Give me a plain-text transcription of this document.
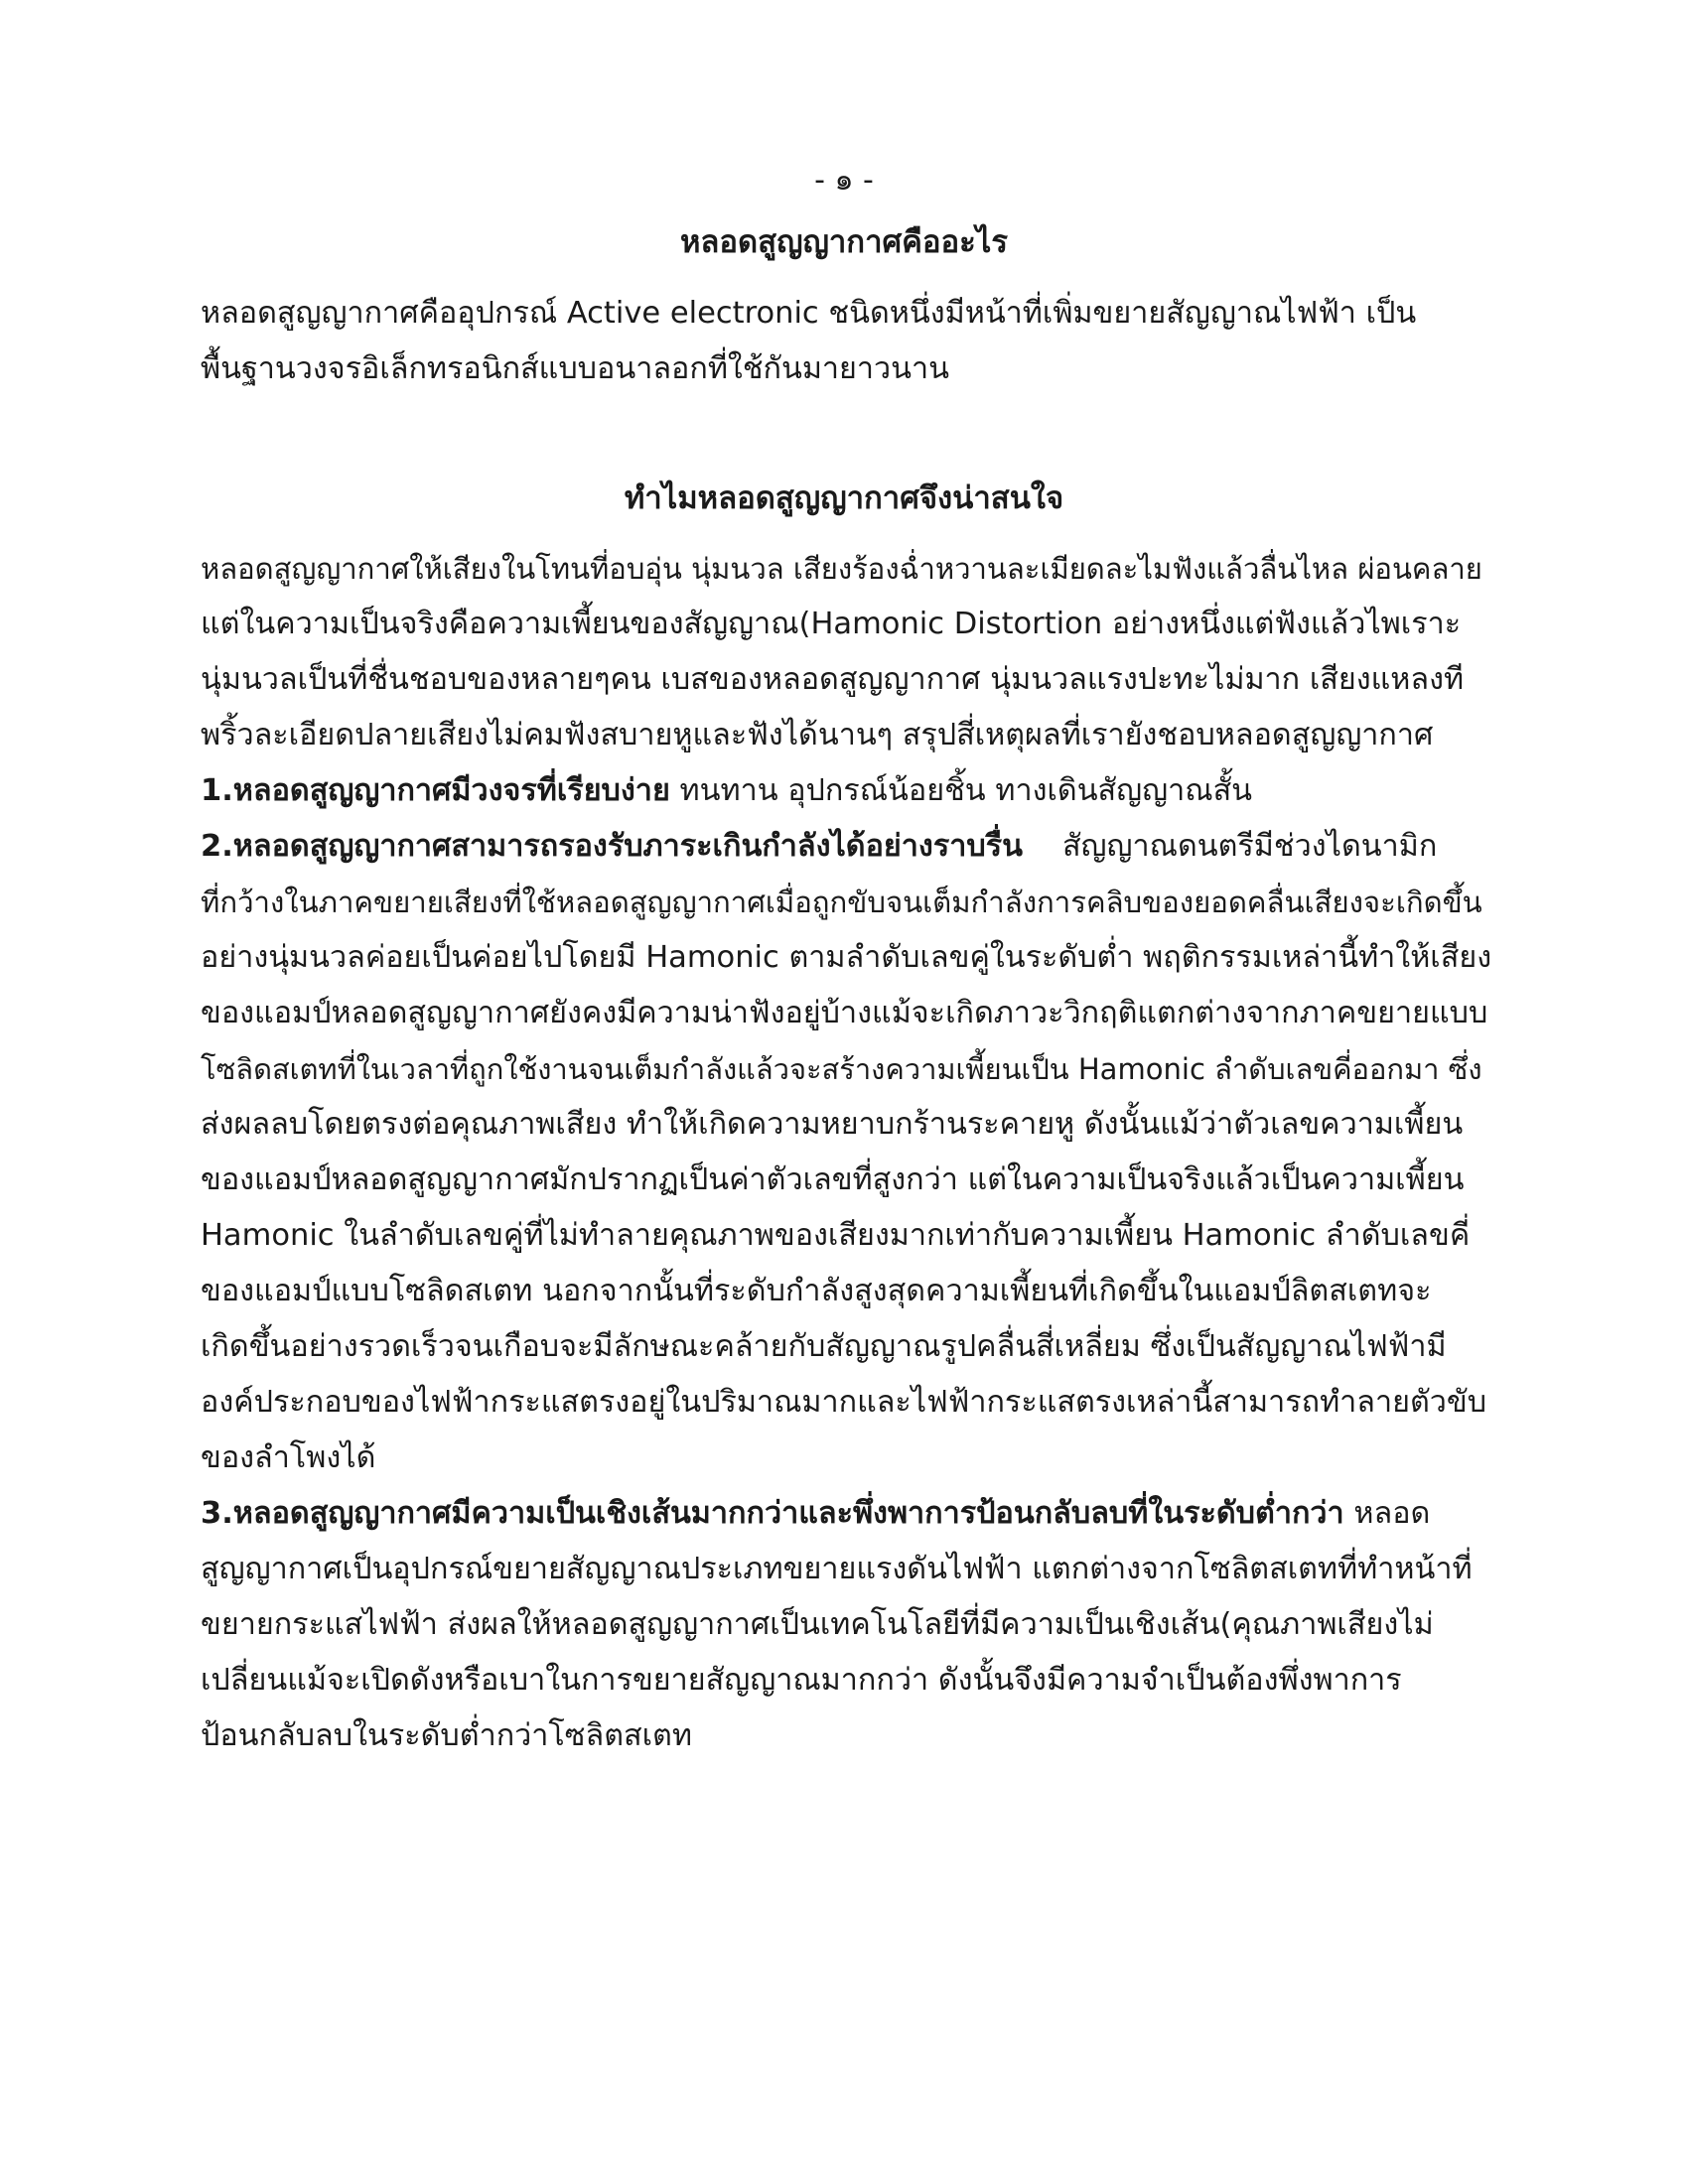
- ๑ -
หลอดสูญญากาศคืออะไร
หลอดสูญญากาศคืออุปกรณ์ Active electronic ชนิดหนึ่งมีหน้าที่เพิ่มขยายสัญญาณไฟฟ้า เป็น
พื้นฐานวงจรอิเล็กทรอนิกส์แบบอนาลอกที่ใช้กันมายาวนาน
ทำไมหลอดสูญญากาศจึงน่าสนใจ
หลอดสูญญากาศให้เสียงในโทนที่อบอุ่น นุ่มนวล เสียงร้องฉ่ำหวานละเมียดละไมฟังแล้วลื่นไหล ผ่อนคลาย
แต่ในความเป็นจริงคือความเพี้ยนของสัญญาณ(Hamonic Distortion อย่างหนึ่งแต่ฟังแล้วไพเราะ
นุ่มนวลเป็นที่ชื่นชอบของหลายๆคน เบสของหลอดสูญญากาศ นุ่มนวลแรงปะทะไม่มาก เสียงแหลงที
พริ้วละเอียดปลายเสียงไม่คมฟังสบายหูและฟังได้นานๆ สรุปสี่เหตุผลที่เรายังชอบหลอดสูญญากาศ
1.หลอดสูญญากาศมีวงจรที่เรียบง่าย ทนทาน อุปกรณ์น้อยชิ้น ทางเดินสัญญาณสั้น
2.หลอดสูญญากาศสามารถรองรับภาระเกินกำลังได้อย่างราบรื่น สัญญาณดนตรีมีช่วงไดนามิก
ที่กว้างในภาคขยายเสียงที่ใช้หลอดสูญญากาศเมื่อถูกขับจนเต็มกำลังการคลิบของยอดคลื่นเสียงจะเกิดขึ้น
อย่างนุ่มนวลค่อยเป็นค่อยไปโดยมี Hamonic ตามลำดับเลขคู่ในระดับต่ำ พฤติกรรมเหล่านี้ทำให้เสียง
ของแอมป์หลอดสูญญากาศยังคงมีความน่าฟังอยู่บ้างแม้จะเกิดภาวะวิกฤติแตกต่างจากภาคขยายแบบ
โซลิดสเตทที่ในเวลาที่ถูกใช้งานจนเต็มกำลังแล้วจะสร้างความเพี้ยนเป็น Hamonic ลำดับเลขคี่ออกมา ซึ่ง
ส่งผลลบโดยตรงต่อคุณภาพเสียง ทำให้เกิดความหยาบกร้านระคายหู ดังนั้นแม้ว่าตัวเลขความเพี้ยน
ของแอมป์หลอดสูญญากาศมักปรากฏเป็นค่าตัวเลขที่สูงกว่า แต่ในความเป็นจริงแล้วเป็นความเพี้ยน
Hamonic ในลำดับเลขคู่ที่ไม่ทำลายคุณภาพของเสียงมากเท่ากับความเพี้ยน Hamonic ลำดับเลขคี่
ของแอมป์แบบโซลิดสเตท นอกจากนั้นที่ระดับกำลังสูงสุดความเพี้ยนที่เกิดขึ้นในแอมป์ลิตสเตทจะ
เกิดขึ้นอย่างรวดเร็วจนเกือบจะมีลักษณะคล้ายกับสัญญาณรูปคลื่นสี่เหลี่ยม ซึ่งเป็นสัญญาณไฟฟ้ามี
องค์ประกอบของไฟฟ้ากระแสตรงอยู่ในปริมาณมากและไฟฟ้ากระแสตรงเหล่านี้สามารถทำลายตัวขับ
ของลำโพงได้
3.หลอดสูญญากาศมีความเป็นเชิงเส้นมากกว่าและพึ่งพาการป้อนกลับลบที่ในระดับต่ำกว่า หลอด
สูญญากาศเป็นอุปกรณ์ขยายสัญญาณประเภทขยายแรงดันไฟฟ้า แตกต่างจากโซลิตสเตทที่ทำหน้าที่
ขยายกระแสไฟฟ้า ส่งผลให้หลอดสูญญากาศเป็นเทคโนโลยีที่มีความเป็นเชิงเส้น(คุณภาพเสียงไม่
เปลี่ยนแม้จะเปิดดังหรือเบาในการขยายสัญญาณมากกว่า ดังนั้นจึงมีความจำเป็นต้องพึ่งพาการ
ป้อนกลับลบในระดับต่ำกว่าโซลิตสเตท
